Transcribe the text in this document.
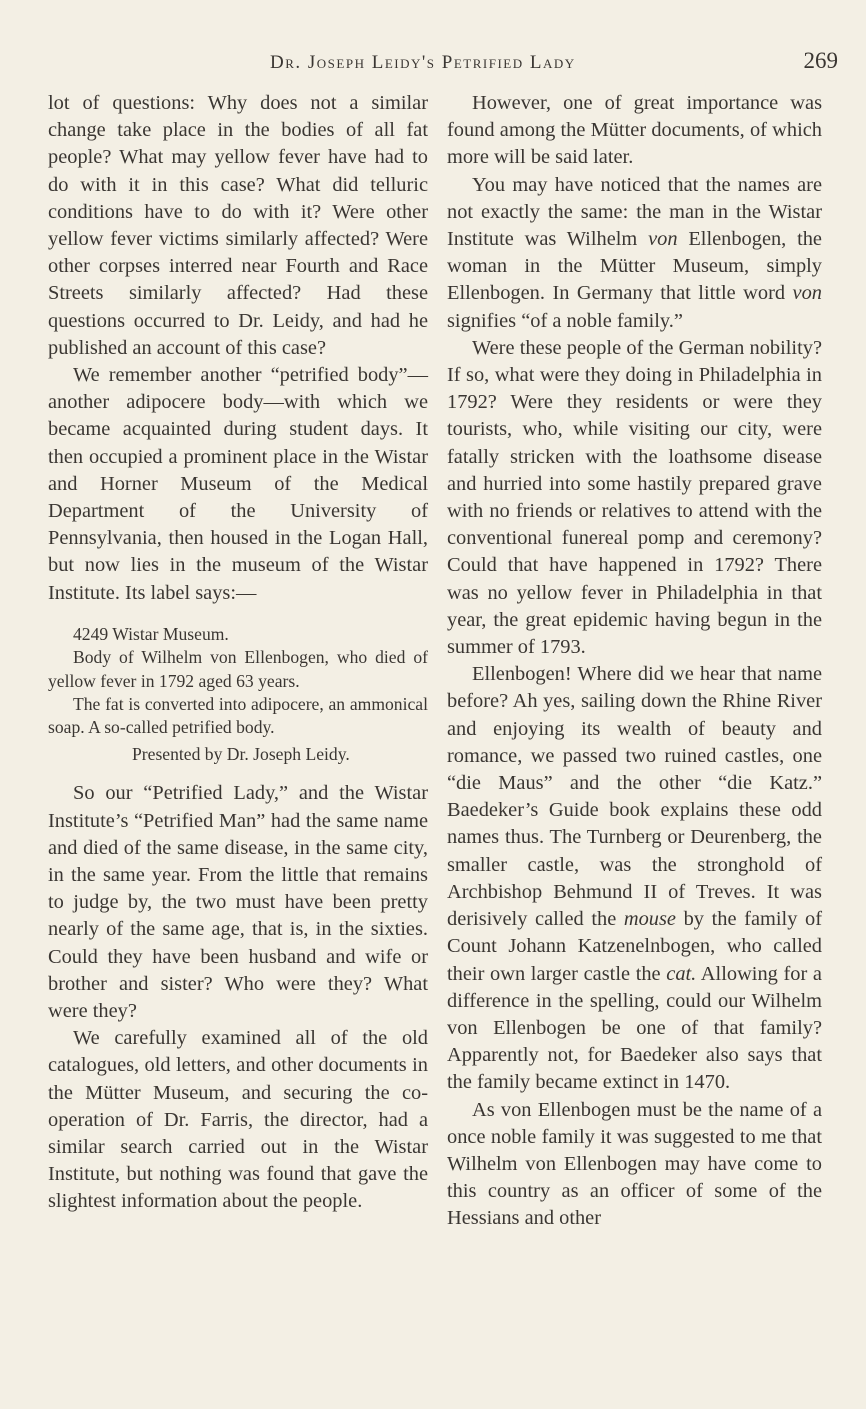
Dr. Joseph Leidy's Petrified Lady	269

lot of questions: Why does not a similar change take place in the bodies of all fat people? What may yellow fever have had to do with it in this case? What did telluric conditions have to do with it? Were other yellow fever victims similarly affected? Were other corpses interred near Fourth and Race Streets similarly affected? Had these questions occurred to Dr. Leidy, and had he published an account of this case?

We remember another “petrified body”—another adipocere body—with which we became acquainted during student days. It then occupied a prominent place in the Wistar and Horner Museum of the Medical Department of the University of Pennsylvania, then housed in the Logan Hall, but now lies in the museum of the Wistar Institute. Its label says:—

4249 Wistar Museum.
Body of Wilhelm von Ellenbogen, who died of yellow fever in 1792 aged 63 years.
The fat is converted into adipocere, an ammonical soap. A so-called petrified body.
Presented by Dr. Joseph Leidy.

So our “Petrified Lady,” and the Wistar Institute’s “Petrified Man” had the same name and died of the same disease, in the same city, in the same year. From the little that remains to judge by, the two must have been pretty nearly of the same age, that is, in the sixties. Could they have been husband and wife or brother and sister? Who were they? What were they?

We carefully examined all of the old catalogues, old letters, and other documents in the Mütter Museum, and securing the co-operation of Dr. Farris, the director, had a similar search carried out in the Wistar Institute, but nothing was found that gave the slightest information about the people.

However, one of great importance was found among the Mütter documents, of which more will be said later.

You may have noticed that the names are not exactly the same: the man in the Wistar Institute was Wilhelm von Ellenbogen, the woman in the Mütter Museum, simply Ellenbogen. In Germany that little word von signifies “of a noble family.”

Were these people of the German nobility? If so, what were they doing in Philadelphia in 1792? Were they residents or were they tourists, who, while visiting our city, were fatally stricken with the loathsome disease and hurried into some hastily prepared grave with no friends or relatives to attend with the conventional funereal pomp and ceremony? Could that have happened in 1792? There was no yellow fever in Philadelphia in that year, the great epidemic having begun in the summer of 1793.

Ellenbogen! Where did we hear that name before? Ah yes, sailing down the Rhine River and enjoying its wealth of beauty and romance, we passed two ruined castles, one “die Maus” and the other “die Katz.” Baedeker’s Guide book explains these odd names thus. The Turnberg or Deurenberg, the smaller castle, was the stronghold of Archbishop Behmund II of Treves. It was derisively called the mouse by the family of Count Johann Katzenelnbogen, who called their own larger castle the cat. Allowing for a difference in the spelling, could our Wilhelm von Ellenbogen be one of that family? Apparently not, for Baedeker also says that the family became extinct in 1470.

As von Ellenbogen must be the name of a once noble family it was suggested to me that Wilhelm von Ellenbogen may have come to this country as an officer of some of the Hessians and other
